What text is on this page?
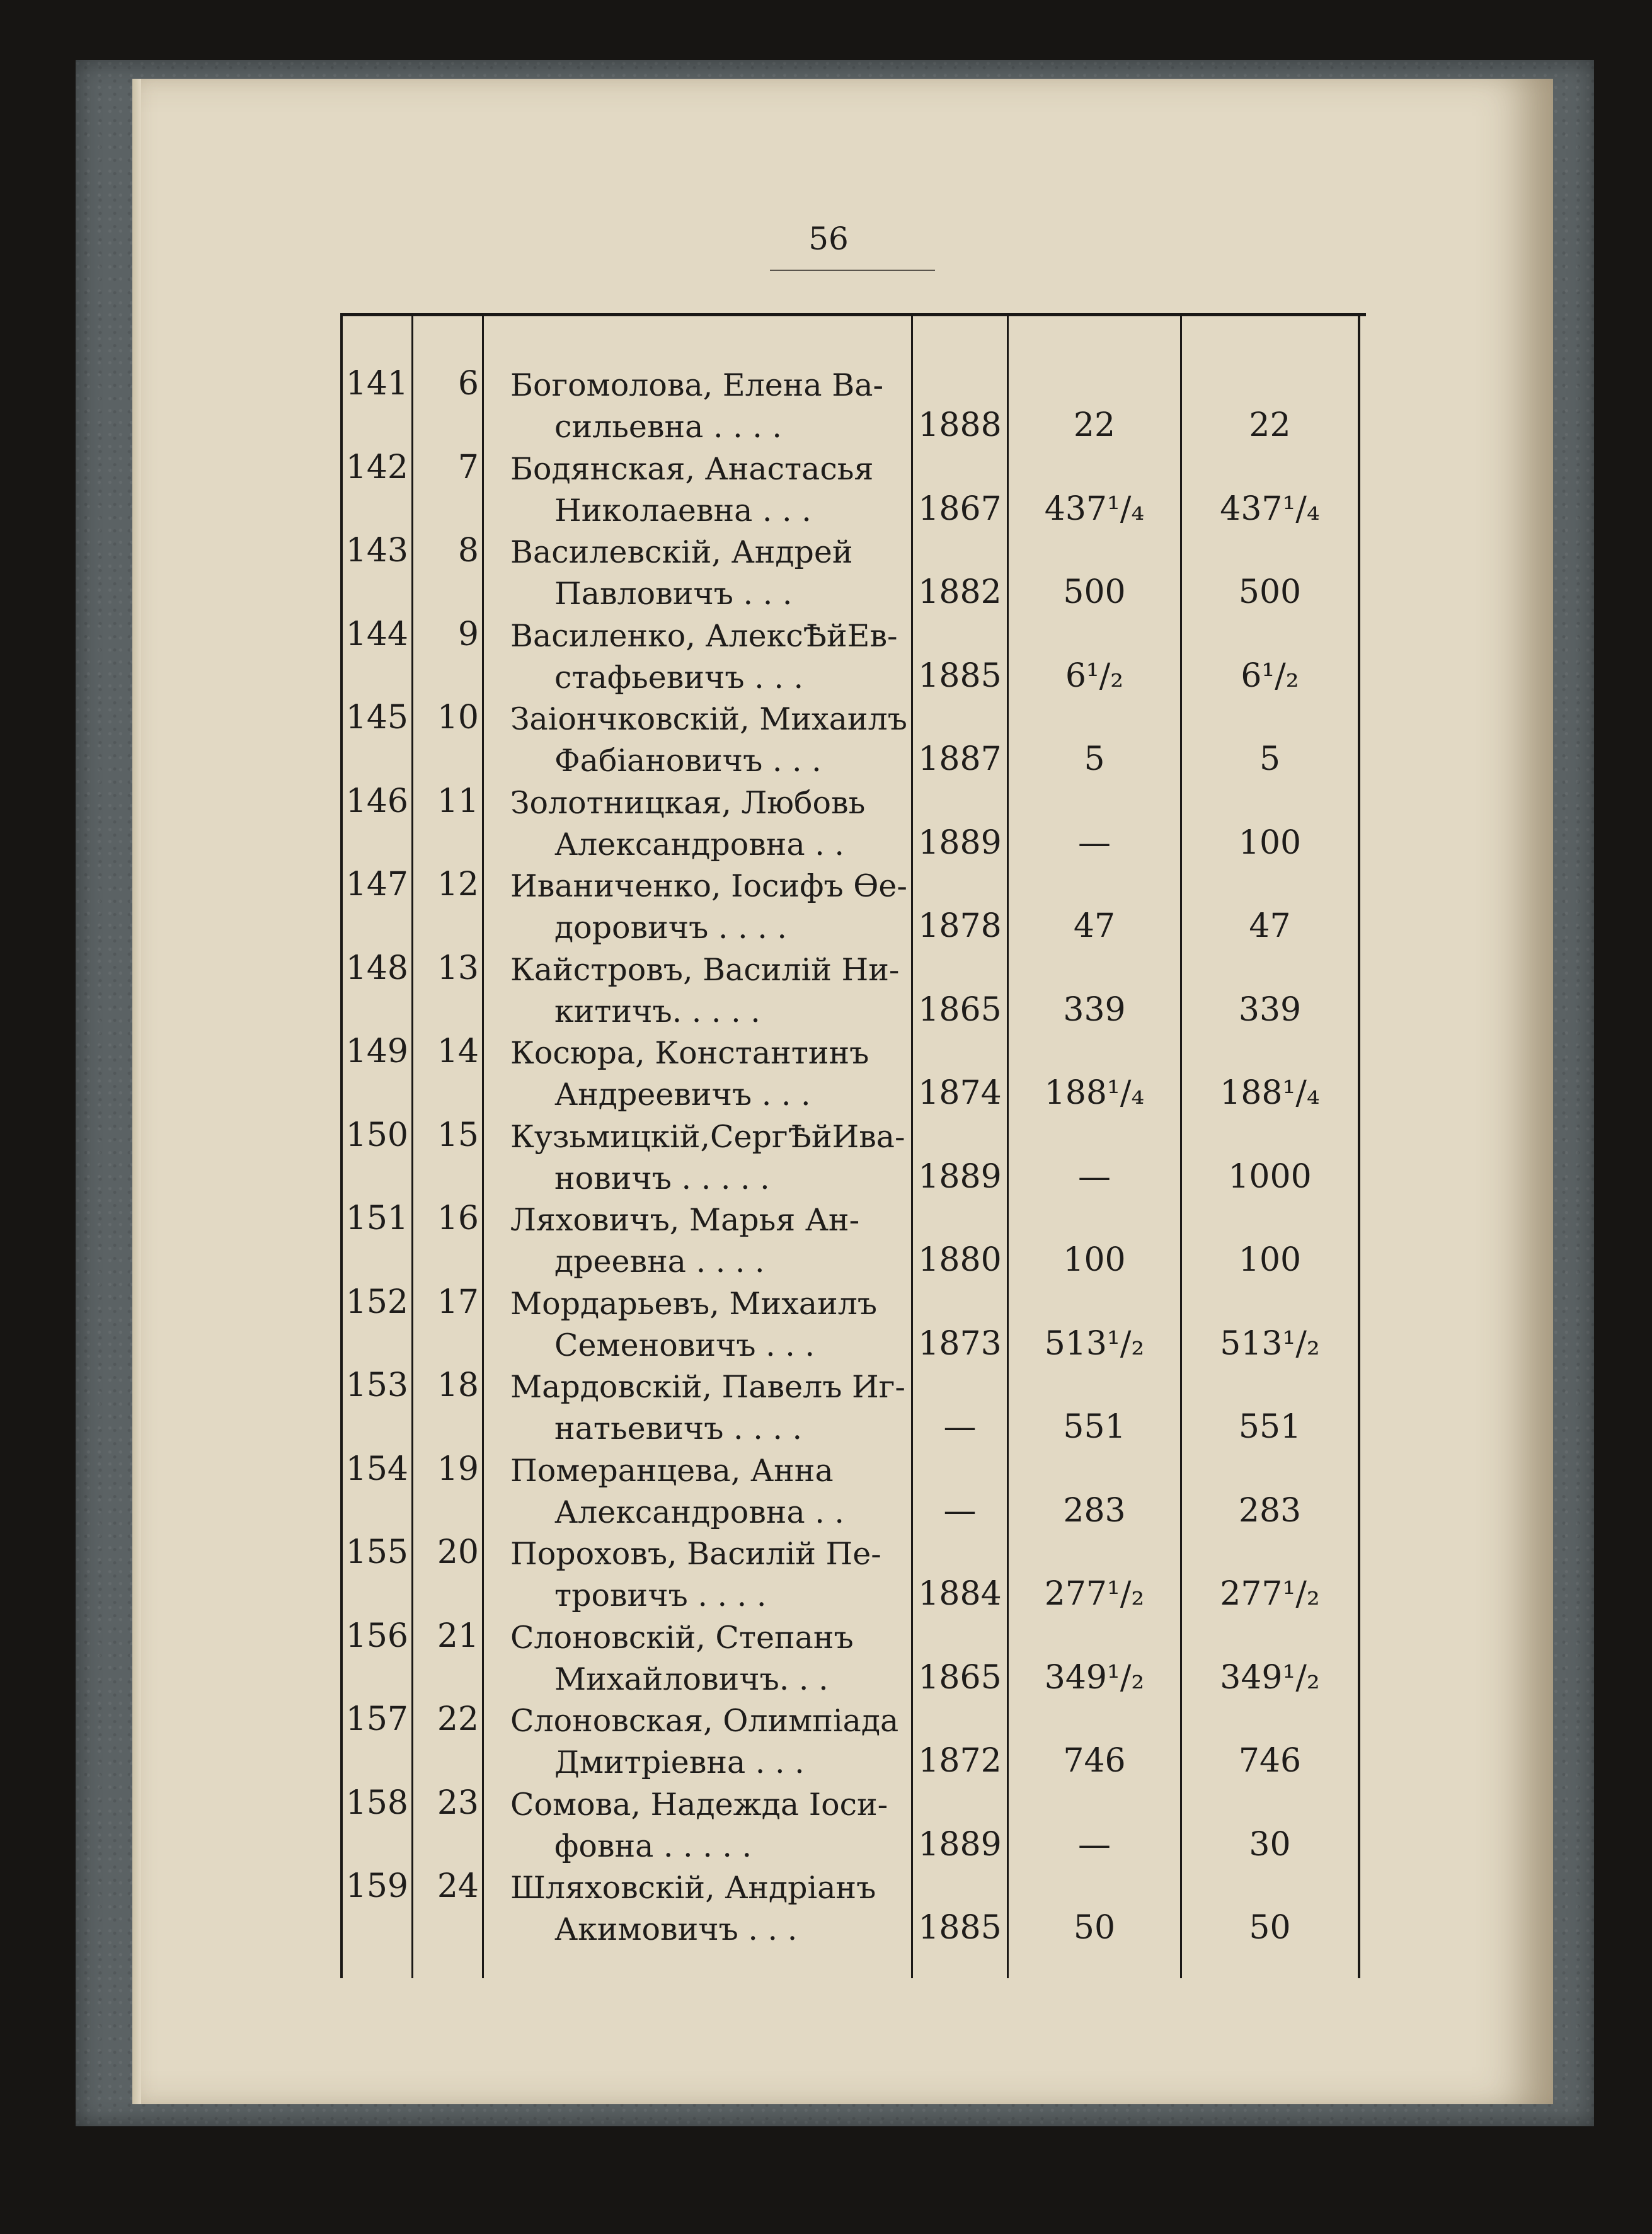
56
141	6 Богомолова, Елена Ва-
сильевна . . . .	1888	22	22
142	7 Бодянская, Анастасья
Николаевна . . .	1867	437¹/₄	437¹/₄
143	8 Василевскій, Андрей
Павловичъ . . .	1882	500	500
144	9 Василенко, АлексѢйЕв-
стафьевичъ . . .	1885	6¹/₂	6¹/₂
145 10 Заіончковскій, Михаилъ
Фабіановичъ . . .	1887	5	5
146 11 Золотницкая, Любовь
Александровна . . 1889	—	100
147 12 Иваниченко, Іосифъ Ѳе-
доровичъ . . . .	1878	47	47
148 13 Кайстровъ, Василій Ни-
китичъ. . . . .	1865	339	339
149 14 Косюра, Константинъ
Андреевичъ . . .	1874	188¹/₄	188¹/₄
150 15 Кузьмицкій,СергѢйИва-
новичъ . . . . .	1889	—	1000
151 16 Ляховичъ, Марья Ан-
дреевна . . . .	1880	100	100
152 17 Мордарьевъ, Михаилъ
Семеновичъ . . .	1873	513¹/₂	513¹/₂
153 18 Мардовскій, Павелъ Иг-
натьевичъ . . . .	—	551	551
154 19 Померанцева, Анна
Александровна . .	—	283	283
155 20 Пороховъ, Василій Пе-
тровичъ . . . .	1884	277¹/₂	277¹/₂
156 21 Слоновскій, Степанъ
Михайловичъ. . .	1865	349¹/₂	349¹/₂
157 22 Слоновская, Олимпіада
Дмитріевна . . .	1872	746	746
158 23 Сомова, Надежда Іоси-
фовна . . . . .	1889	—	30
159 24 Шляховскій, Андріанъ
Акимовичъ . . .	1885	50	50
